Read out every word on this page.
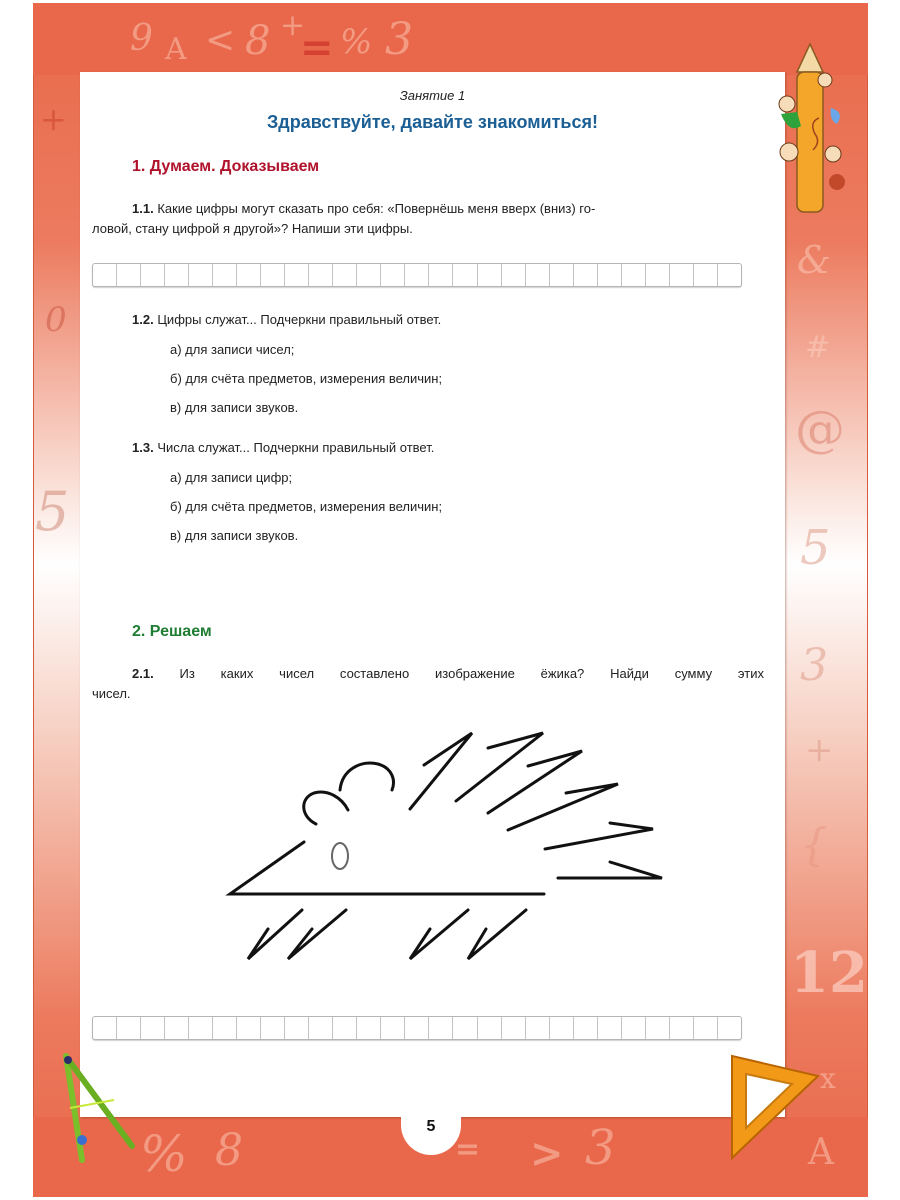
9 A < 8 +
= % 3
+
0
5
&
#
@
5
3
+
{
12
% 8	= > 3
x
A
Занятие 1
Здравствуйте, давайте знакомиться!
1. Думаем. Доказываем
1.1. Какие цифры могут сказать про себя: «Повернёшь меня вверх (вниз) го-
ловой, стану цифрой я другой»? Напиши эти цифры.
1.2. Цифры служат... Подчеркни правильный ответ.
а) для записи чисел;
б) для счёта предметов, измерения величин;
в) для записи звуков.
1.3. Числа служат... Подчеркни правильный ответ.
а) для записи цифр;
б) для счёта предметов, измерения величин;
в) для записи звуков.
2. Решаем
2.1. Из каких чисел составлено изображение ёжика? Найди сумму этих
чисел.
5
